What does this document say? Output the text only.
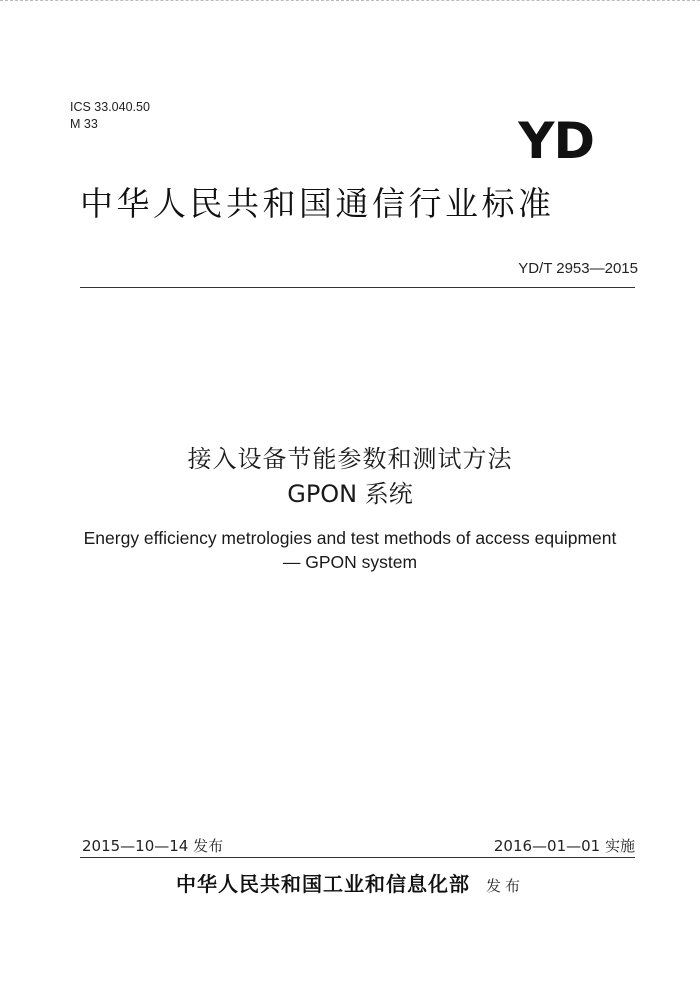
ICS 33.040.50
M 33	YD
中华人民共和国通信行业标准
YD/T 2953—2015
接入设备节能参数和测试方法
GPON 系统
Energy efficiency metrologies and test methods of access equipment
— GPON system
2015—10—14 发布	2016—01—01 实施
中华人民共和国工业和信息化部 发布
